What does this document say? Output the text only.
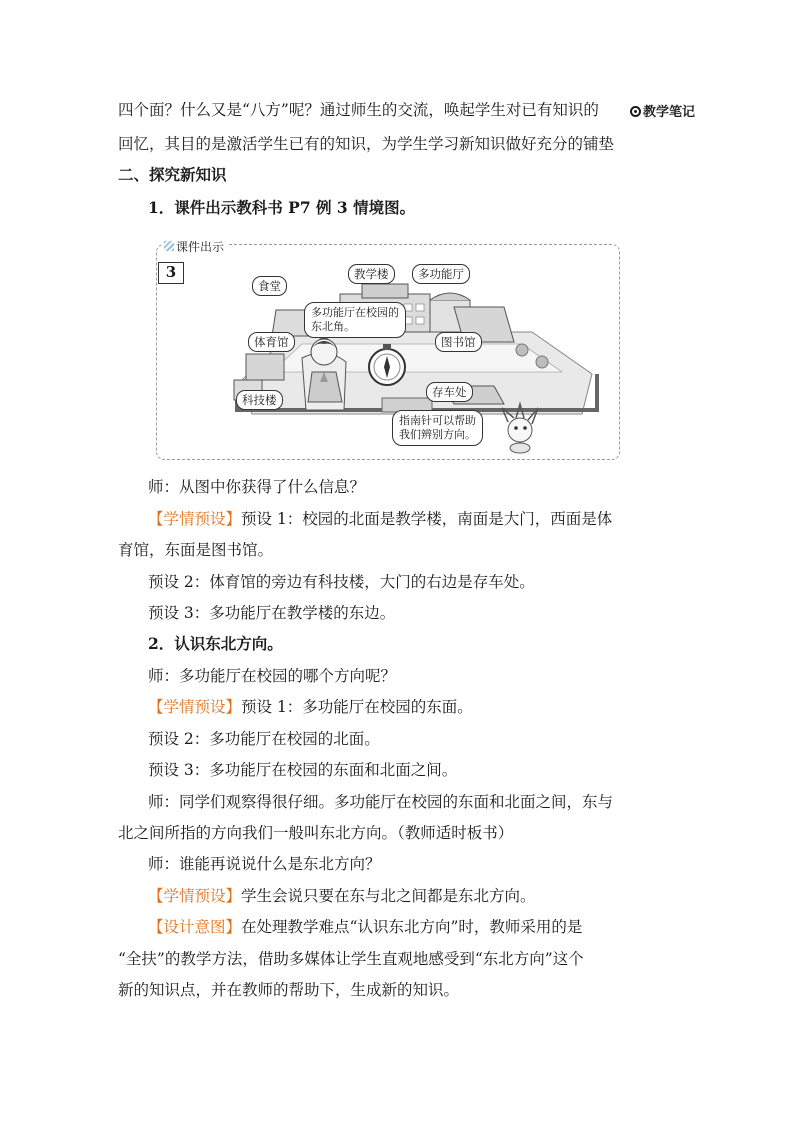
教学笔记
四个面？什么又是“八方”呢？通过师生的交流，唤起学生对已有知识的
回忆，其目的是激活学生已有的知识，为学生学习新知识做好充分的铺垫
二、探究新知识
1．课件出示教科书 P7 例 3 情境图。
课件出示
3
食堂
教学楼	多功能厅
体育馆	图书馆
科技楼
存车处
多功能厅在校园的
东北角。
指南针可以帮助
我们辨别方向。
师：从图中你获得了什么信息？
【学情预设】预设 1：校园的北面是教学楼，南面是大门，西面是体
育馆，东面是图书馆。
预设 2：体育馆的旁边有科技楼，大门的右边是存车处。
预设 3：多功能厅在教学楼的东边。
2．认识东北方向。
师：多功能厅在校园的哪个方向呢？
【学情预设】预设 1：多功能厅在校园的东面。
预设 2：多功能厅在校园的北面。
预设 3：多功能厅在校园的东面和北面之间。
师：同学们观察得很仔细。多功能厅在校园的东面和北面之间，东与
北之间所指的方向我们一般叫东北方向。（教师适时板书）
师：谁能再说说什么是东北方向？
【学情预设】学生会说只要在东与北之间都是东北方向。
【设计意图】在处理教学难点“认识东北方向”时，教师采用的是
“全扶”的教学方法，借助多媒体让学生直观地感受到“东北方向”这个
新的知识点，并在教师的帮助下，生成新的知识。
